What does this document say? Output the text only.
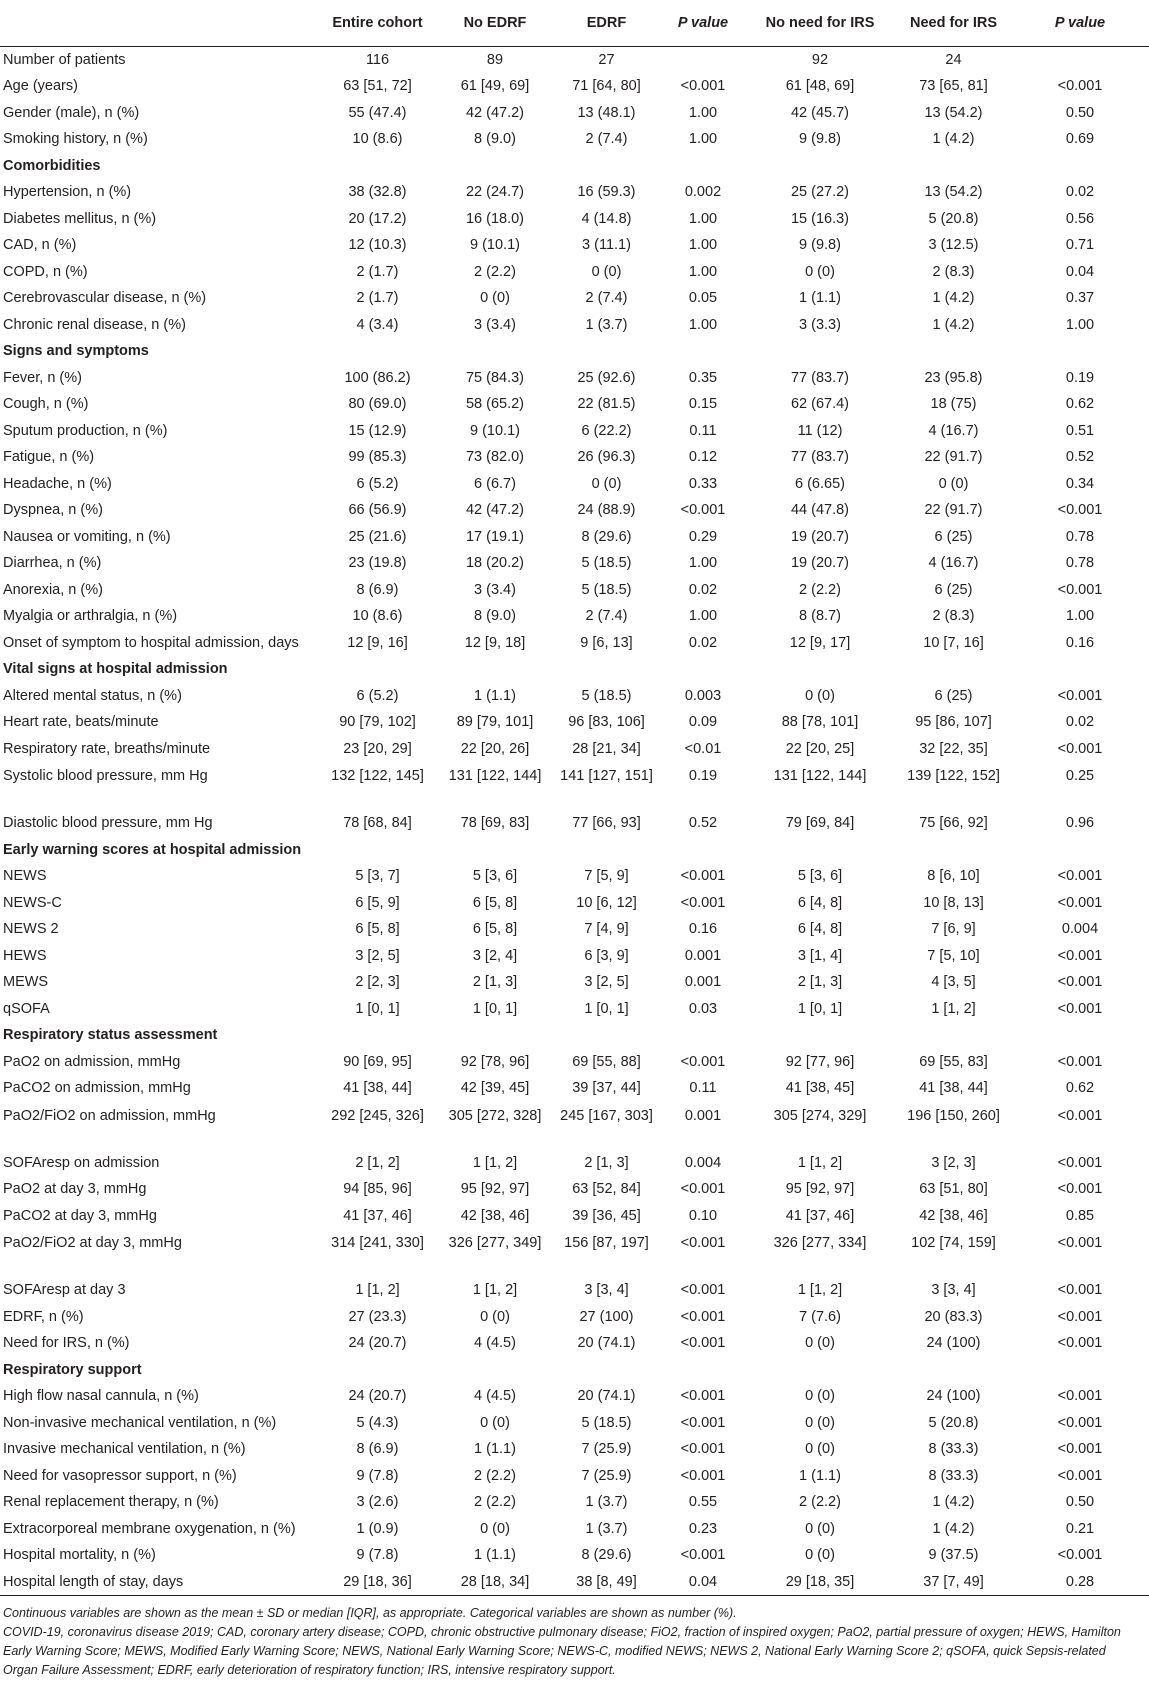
	Entire cohort	No EDRF	EDRF	P value	No need for IRS	Need for IRS	P value
Number of patients	116	89	27		92	24	
Age (years)	63 [51, 72]	61 [49, 69]	71 [64, 80]	<0.001	61 [48, 69]	73 [65, 81]	<0.001
Gender (male), n (%)	55 (47.4)	42 (47.2)	13 (48.1)	1.00	42 (45.7)	13 (54.2)	0.50
Smoking history, n (%)	10 (8.6)	8 (9.0)	2 (7.4)	1.00	9 (9.8)	1 (4.2)	0.69
Comorbidities							
Hypertension, n (%)	38 (32.8)	22 (24.7)	16 (59.3)	0.002	25 (27.2)	13 (54.2)	0.02
Diabetes mellitus, n (%)	20 (17.2)	16 (18.0)	4 (14.8)	1.00	15 (16.3)	5 (20.8)	0.56
CAD, n (%)	12 (10.3)	9 (10.1)	3 (11.1)	1.00	9 (9.8)	3 (12.5)	0.71
COPD, n (%)	2 (1.7)	2 (2.2)	0 (0)	1.00	0 (0)	2 (8.3)	0.04
Cerebrovascular disease, n (%)	2 (1.7)	0 (0)	2 (7.4)	0.05	1 (1.1)	1 (4.2)	0.37
Chronic renal disease, n (%)	4 (3.4)	3 (3.4)	1 (3.7)	1.00	3 (3.3)	1 (4.2)	1.00
Signs and symptoms							
Fever, n (%)	100 (86.2)	75 (84.3)	25 (92.6)	0.35	77 (83.7)	23 (95.8)	0.19
Cough, n (%)	80 (69.0)	58 (65.2)	22 (81.5)	0.15	62 (67.4)	18 (75)	0.62
Sputum production, n (%)	15 (12.9)	9 (10.1)	6 (22.2)	0.11	11 (12)	4 (16.7)	0.51
Fatigue, n (%)	99 (85.3)	73 (82.0)	26 (96.3)	0.12	77 (83.7)	22 (91.7)	0.52
Headache, n (%)	6 (5.2)	6 (6.7)	0 (0)	0.33	6 (6.65)	0 (0)	0.34
Dyspnea, n (%)	66 (56.9)	42 (47.2)	24 (88.9)	<0.001	44 (47.8)	22 (91.7)	<0.001
Nausea or vomiting, n (%)	25 (21.6)	17 (19.1)	8 (29.6)	0.29	19 (20.7)	6 (25)	0.78
Diarrhea, n (%)	23 (19.8)	18 (20.2)	5 (18.5)	1.00	19 (20.7)	4 (16.7)	0.78
Anorexia, n (%)	8 (6.9)	3 (3.4)	5 (18.5)	0.02	2 (2.2)	6 (25)	<0.001
Myalgia or arthralgia, n (%)	10 (8.6)	8 (9.0)	2 (7.4)	1.00	8 (8.7)	2 (8.3)	1.00
Onset of symptom to hospital admission, days	12 [9, 16]	12 [9, 18]	9 [6, 13]	0.02	12 [9, 17]	10 [7, 16]	0.16
Vital signs at hospital admission							
Altered mental status, n (%)	6 (5.2)	1 (1.1)	5 (18.5)	0.003	0 (0)	6 (25)	<0.001
Heart rate, beats/minute	90 [79, 102]	89 [79, 101]	96 [83, 106]	0.09	88 [78, 101]	95 [86, 107]	0.02
Respiratory rate, breaths/minute	23 [20, 29]	22 [20, 26]	28 [21, 34]	<0.01	22 [20, 25]	32 [22, 35]	<0.001
Systolic blood pressure, mm Hg	132 [122, 145]	131 [122, 144]	141 [127, 151]	0.19	131 [122, 144]	139 [122, 152]	0.25
Diastolic blood pressure, mm Hg	78 [68, 84]	78 [69, 83]	77 [66, 93]	0.52	79 [69, 84]	75 [66, 92]	0.96
Early warning scores at hospital admission							
NEWS	5 [3, 7]	5 [3, 6]	7 [5, 9]	<0.001	5 [3, 6]	8 [6, 10]	<0.001
NEWS-C	6 [5, 9]	6 [5, 8]	10 [6, 12]	<0.001	6 [4, 8]	10 [8, 13]	<0.001
NEWS 2	6 [5, 8]	6 [5, 8]	7 [4, 9]	0.16	6 [4, 8]	7 [6, 9]	0.004
HEWS	3 [2, 5]	3 [2, 4]	6 [3, 9]	0.001	3 [1, 4]	7 [5, 10]	<0.001
MEWS	2 [2, 3]	2 [1, 3]	3 [2, 5]	0.001	2 [1, 3]	4 [3, 5]	<0.001
qSOFA	1 [0, 1]	1 [0, 1]	1 [0, 1]	0.03	1 [0, 1]	1 [1, 2]	<0.001
Respiratory status assessment							
PaO2 on admission, mmHg	90 [69, 95]	92 [78, 96]	69 [55, 88]	<0.001	92 [77, 96]	69 [55, 83]	<0.001
PaCO2 on admission, mmHg	41 [38, 44]	42 [39, 45]	39 [37, 44]	0.11	41 [38, 45]	41 [38, 44]	0.62
PaO2/FiO2 on admission, mmHg	292 [245, 326]	305 [272, 328]	245 [167, 303]	0.001	305 [274, 329]	196 [150, 260]	<0.001
SOFAresp on admission	2 [1, 2]	1 [1, 2]	2 [1, 3]	0.004	1 [1, 2]	3 [2, 3]	<0.001
PaO2 at day 3, mmHg	94 [85, 96]	95 [92, 97]	63 [52, 84]	<0.001	95 [92, 97]	63 [51, 80]	<0.001
PaCO2 at day 3, mmHg	41 [37, 46]	42 [38, 46]	39 [36, 45]	0.10	41 [37, 46]	42 [38, 46]	0.85
PaO2/FiO2 at day 3, mmHg	314 [241, 330]	326 [277, 349]	156 [87, 197]	<0.001	326 [277, 334]	102 [74, 159]	<0.001
SOFAresp at day 3	1 [1, 2]	1 [1, 2]	3 [3, 4]	<0.001	1 [1, 2]	3 [3, 4]	<0.001
EDRF, n (%)	27 (23.3)	0 (0)	27 (100)	<0.001	7 (7.6)	20 (83.3)	<0.001
Need for IRS, n (%)	24 (20.7)	4 (4.5)	20 (74.1)	<0.001	0 (0)	24 (100)	<0.001
Respiratory support							
High flow nasal cannula, n (%)	24 (20.7)	4 (4.5)	20 (74.1)	<0.001	0 (0)	24 (100)	<0.001
Non-invasive mechanical ventilation, n (%)	5 (4.3)	0 (0)	5 (18.5)	<0.001	0 (0)	5 (20.8)	<0.001
Invasive mechanical ventilation, n (%)	8 (6.9)	1 (1.1)	7 (25.9)	<0.001	0 (0)	8 (33.3)	<0.001
Need for vasopressor support, n (%)	9 (7.8)	2 (2.2)	7 (25.9)	<0.001	1 (1.1)	8 (33.3)	<0.001
Renal replacement therapy, n (%)	3 (2.6)	2 (2.2)	1 (3.7)	0.55	2 (2.2)	1 (4.2)	0.50
Extracorporeal membrane oxygenation, n (%)	1 (0.9)	0 (0)	1 (3.7)	0.23	0 (0)	1 (4.2)	0.21
Hospital mortality, n (%)	9 (7.8)	1 (1.1)	8 (29.6)	<0.001	0 (0)	9 (37.5)	<0.001
Hospital length of stay, days	29 [18, 36]	28 [18, 34]	38 [8, 49]	0.04	29 [18, 35]	37 [7, 49]	0.28

Continuous variables are shown as the mean ± SD or median [IQR], as appropriate. Categorical variables are shown as number (%).

COVID-19, coronavirus disease 2019; CAD, coronary artery disease; COPD, chronic obstructive pulmonary disease; FiO2, fraction of inspired oxygen; PaO2, partial pressure of oxygen; HEWS, Hamilton Early Warning Score; MEWS, Modified Early Warning Score; NEWS, National Early Warning Score; NEWS-C, modified NEWS; NEWS 2, National Early Warning Score 2; qSOFA, quick Sepsis-related Organ Failure Assessment; EDRF, early deterioration of respiratory function; IRS, intensive respiratory support.
